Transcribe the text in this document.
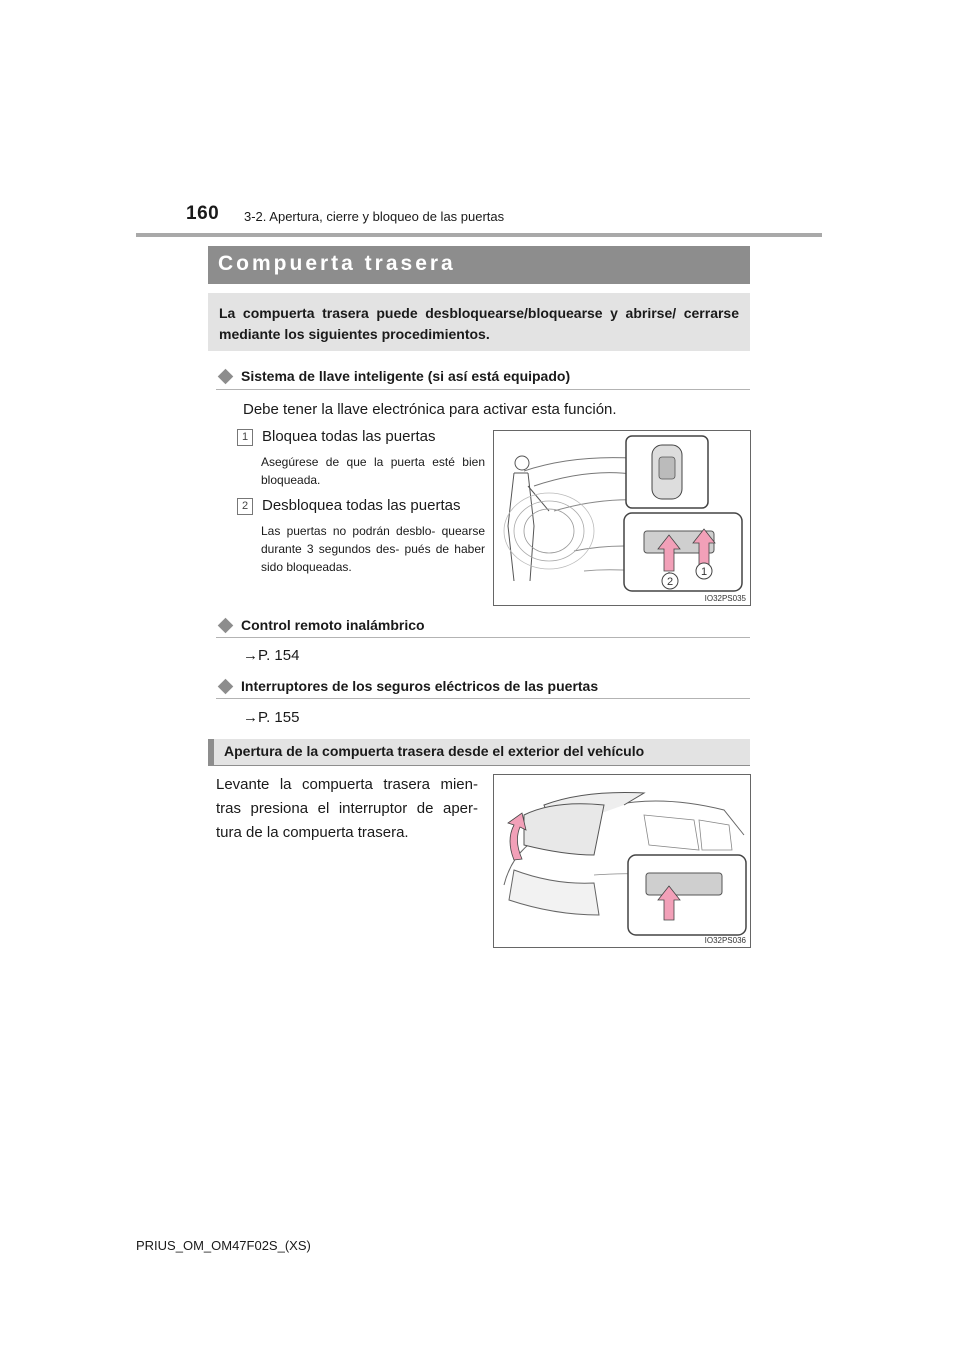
160 3-2. Apertura, cierre y bloqueo de las puertas
Compuerta trasera
La compuerta trasera puede desbloquearse/bloquearse y abrirse/ cerrarse mediante los siguientes procedimientos.
Sistema de llave inteligente (si así está equipado)
Debe tener la llave electrónica para activar esta función.
1 Bloquea todas las puertas
Asegúrese de que la puerta esté bien bloqueada.
2 Desbloquea todas las puertas
Las puertas no podrán desblo- quearse durante 3 segundos des- pués de haber sido bloqueadas.
2
1
IO32PS035
Control remoto inalámbrico
→P. 154
Interruptores de los seguros eléctricos de las puertas
→P. 155
Apertura de la compuerta trasera desde el exterior del vehículo
Levante la compuerta trasera mien- tras presiona el interruptor de aper- tura de la compuerta trasera.
IO32PS036
PRIUS_OM_OM47F02S_(XS)
